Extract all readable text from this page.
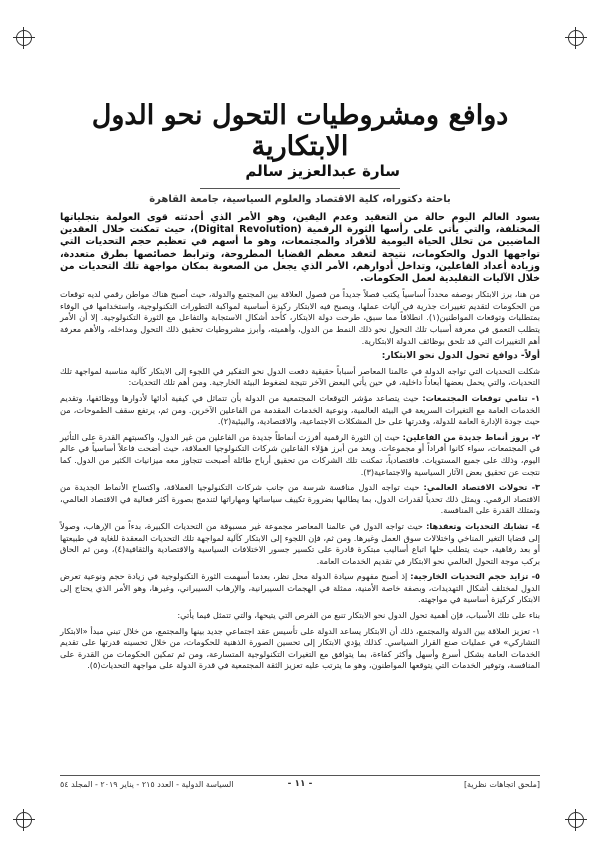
دوافع ومشروطيات التحول نحو الدول الابتكارية
سارة عبدالعزيز سالم
باحثة دكتوراه، كلية الاقتصاد والعلوم السياسية، جامعة القاهرة
يسود العالم اليوم حالة من التعقيد وعدم اليقين، وهو الأمر الذي أحدثته قوى العولمة بتجلياتها المختلفة، والتي يأتي على رأسها الثورة الرقمية (Digital Revolution)، حيث تمكنت خلال العقدين الماضيين من تخلل الحياة اليومية للأفراد والمجتمعات، وهو ما أسهم في تعظيم حجم التحديات التي تواجهها الدول والحكومات، نتيجة لتعقد معظم القضايا المطروحة، وترابط خصائصها بطرق متعددة، وزيادة أعداد الفاعلين، وتداخل أدوارهم، الأمر الذي يجعل من الصعوبة بمكان مواجهة تلك التحديات من خلال الآليات التقليدية لعمل الحكومات.

من هنا، برز الابتكار بوصفه محدداً أساسياً يكتب فصلاً جديداً من فصول العلاقة بين المجتمع والدولة، حيث أصبح هناك مواطن رقمي لديه توقعات من الحكومات لتقديم تغييرات جذرية في آليات عملها، ويصبح فيه الابتكار ركيزة أساسية لمواكبة التطورات التكنولوجية، واستخدامها في الوفاء بمتطلبات وتوقعات المواطنين(١). انطلاقاً مما سبق، طرحت دولة الابتكار، كأحد أشكال الاستجابة والتفاعل مع الثورة التكنولوجية. إلا أن الأمر يتطلب التعمق في معرفة أسباب تلك التحول نحو ذلك النمط من الدول، وأهميته، وأبرز مشروطيات تحقيق ذلك التحول ومداخله، والأهم معرفة أهم التغييرات التي قد تلحق بوظائف الدولة الابتكارية.

أولاً- دوافع تحول الدول نحو الابتكار:

شكلت التحديات التي تواجه الدولة في عالمنا المعاصر أسباباً حقيقية دفعت الدول نحو التفكير في اللجوء إلى الابتكار كآلية مناسبة لمواجهة تلك التحديات، والتي يحمل بعضها أبعاداً داخلية، في حين يأتي البعض الآخر نتيجة لضغوط البيئة الخارجية. ومن أهم تلك التحديات:

١- تنامي توقعات المجتمعات: حيث يتصاعد مؤشر التوقعات المجتمعية من الدولة بأن تتماثل في كيفية أدائها لأدوارها ووظائفها، وتقديم الخدمات العامة مع التغيرات السريعة في البيئة العالمية، ونوعية الخدمات المقدمة من الفاعلين الآخرين. ومن ثم، يرتفع سقف الطموحات، من حيث جودة الإدارة العامة للدولة، وقدرتها على حل المشكلات الاجتماعية، والاقتصادية، والبيئية(٢).

٢- بروز أنماط جديدة من الفاعلين: حيث إن الثورة الرقمية أفرزت أنماطاً جديدة من الفاعلين من غير الدول، واكسبتهم القدرة على التأثير في المجتمعات، سواء كانوا أفراداً أو مجموعات. ويعد من أبرز هؤلاء الفاعلين شركات التكنولوجيا العملاقة، حيث أضحت فاعلاً أساسياً في عالم اليوم، وذلك على جميع المستويات. فاقتصادياً، تمكنت تلك الشركات من تحقيق أرباح طائلة أصبحت تتجاوز معه ميزانيات الكثير من الدول. كما نتجت عن تحقيق بعض الآثار السياسية والاجتماعية(٣).

٣- تحولات الاقتصاد العالمي: حيث تواجه الدول منافسة شرسة من جانب شركات التكنولوجيا العملاقة، واكتساح الأنماط الجديدة من الاقتصاد الرقمي. ويمثل ذلك تحدياً لقدرات الدول، بما يطالبها بضرورة تكييف سياساتها ومهاراتها لتندمج بصورة أكثر فعالية في الاقتصاد العالمي، وتمتلك القدرة على المنافسة.

٤- تشابك التحديات وتعقدها: حيث تواجه الدول في عالمنا المعاصر مجموعة غير مسبوقة من التحديات الكبيرة، بدءاً من الإرهاب، وصولاً إلى قضايا التغير المناخي واختلالات سوق العمل وغيرها. ومن ثم، فإن اللجوء إلى الابتكار كآلية لمواجهة تلك التحديات المعقدة للغاية في طبيعتها أو بعد رفاهية، حيث يتطلب حلها اتباع أساليب مبتكرة قادرة على تكسير جسور الاختلافات السياسية والاقتصادية والثقافية(٤)، ومن ثم الحاق بركب موجة التحول العالمي نحو الابتكار في تقديم الخدمات العامة.

٥- تزايد حجم التحديات الخارجية: إذ أصبح مفهوم سيادة الدولة محل نظر، بعدما أسهمت الثورة التكنولوجية في زيادة حجم ونوعية تعرض الدول لمختلف أشكال التهديدات، وبصفة خاصة الأمنية، ممثلة في الهجمات السيبرانية، والإرهاب السيبراني، وغيرها، وهو الأمر الذي يحتاج إلى الابتكار كركيزة أساسية في مواجهته.

بناء على تلك الأسباب، فإن أهمية تحول الدول نحو الابتكار تنبع من الفرص التي يتيحها، والتي تتمثل فيما يأتي:

١- تعزيز العلاقة بين الدولة والمجتمع، ذلك أن الابتكار يساعد الدولة على تأسيس عقد اجتماعي جديد بينها والمجتمع، من خلال تبني مبدأ «الابتكار التشاركي» في عمليات صنع القرار السياسي. كذلك يؤدي الابتكار إلى تحسين الصورة الذهنية للحكومات، من خلال تحسينه قدرتها على تقديم الخدمات العامة بشكل أسرع وأسهل وأكثر كفاءة، بما يتوافق مع التغيرات التكنولوجية المتسارعة، ومن ثم تمكين الحكومات من القدرة على المنافسة، وتوفير الخدمات التي يتوقعها المواطنون، وهو ما يترتب عليه تعزيز الثقة المجتمعية في قدرة الدولة على مواجهة التحديات(٥).

[ملحق اتجاهات نظرية]
- ١١ -
السياسة الدولية - العدد ٢١٥ - يناير ٢٠١٩ - المجلد ٥٤
